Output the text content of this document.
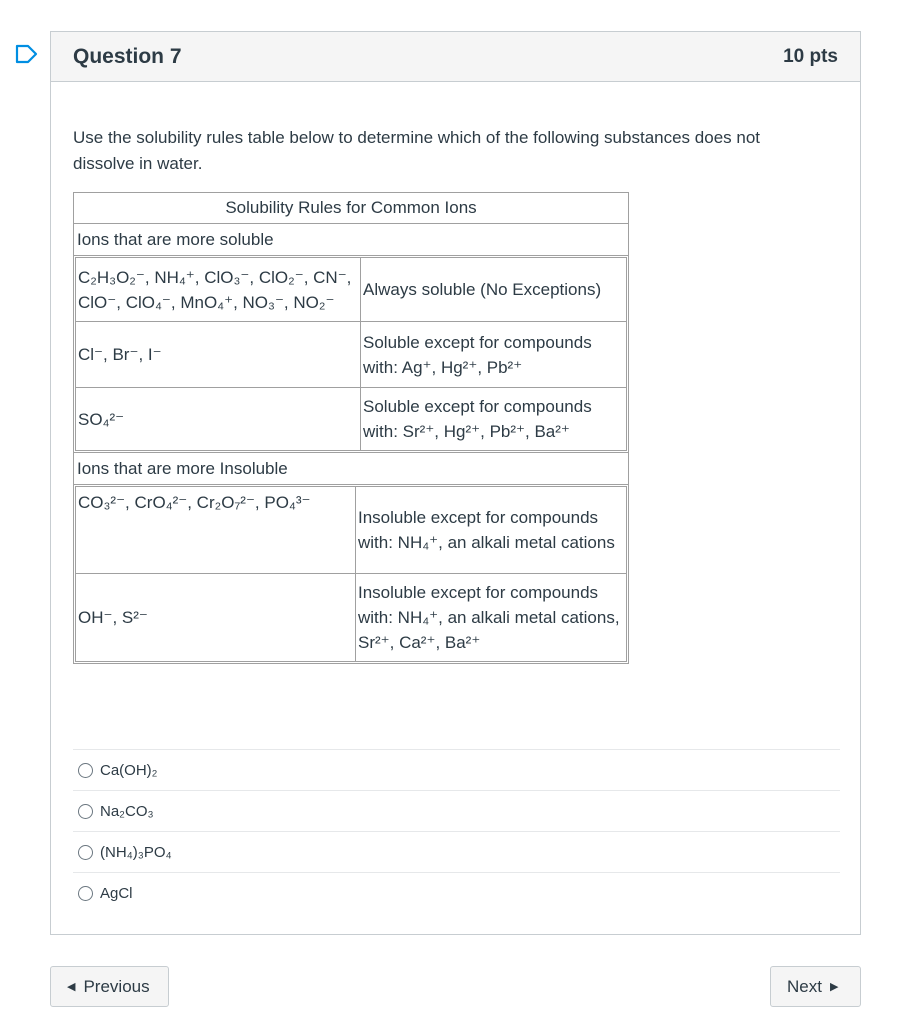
Question 7	10 pts
Use the solubility rules table below to determine which of the following substances does not dissolve in water.
Solubility Rules for Common Ions
Ions that are more soluble

C₂H₃O₂⁻, NH₄⁺, ClO₃⁻, ClO₂⁻, CN⁻, ClO⁻, ClO₄⁻, MnO₄⁺, NO₃⁻, NO₂⁻	Always soluble (No Exceptions)
Cl⁻, Br⁻, I⁻	Soluble except for compounds with: Ag⁺, Hg²⁺, Pb²⁺
SO₄²⁻	Soluble except for compounds with: Sr²⁺, Hg²⁺, Pb²⁺, Ba²⁺

Ions that are more Insoluble

CO₃²⁻, CrO₄²⁻, Cr₂O₇²⁻, PO₄³⁻	Insoluble except for compounds with: NH₄⁺, an alkali metal cations
OH⁻, S²⁻	Insoluble except for compounds with: NH₄⁺, an alkali metal cations, Sr²⁺, Ca²⁺, Ba²⁺
Ca(OH)₂
Na₂CO₃
(NH₄)₃PO₄
AgCl
◀ Previous	Next ▶
